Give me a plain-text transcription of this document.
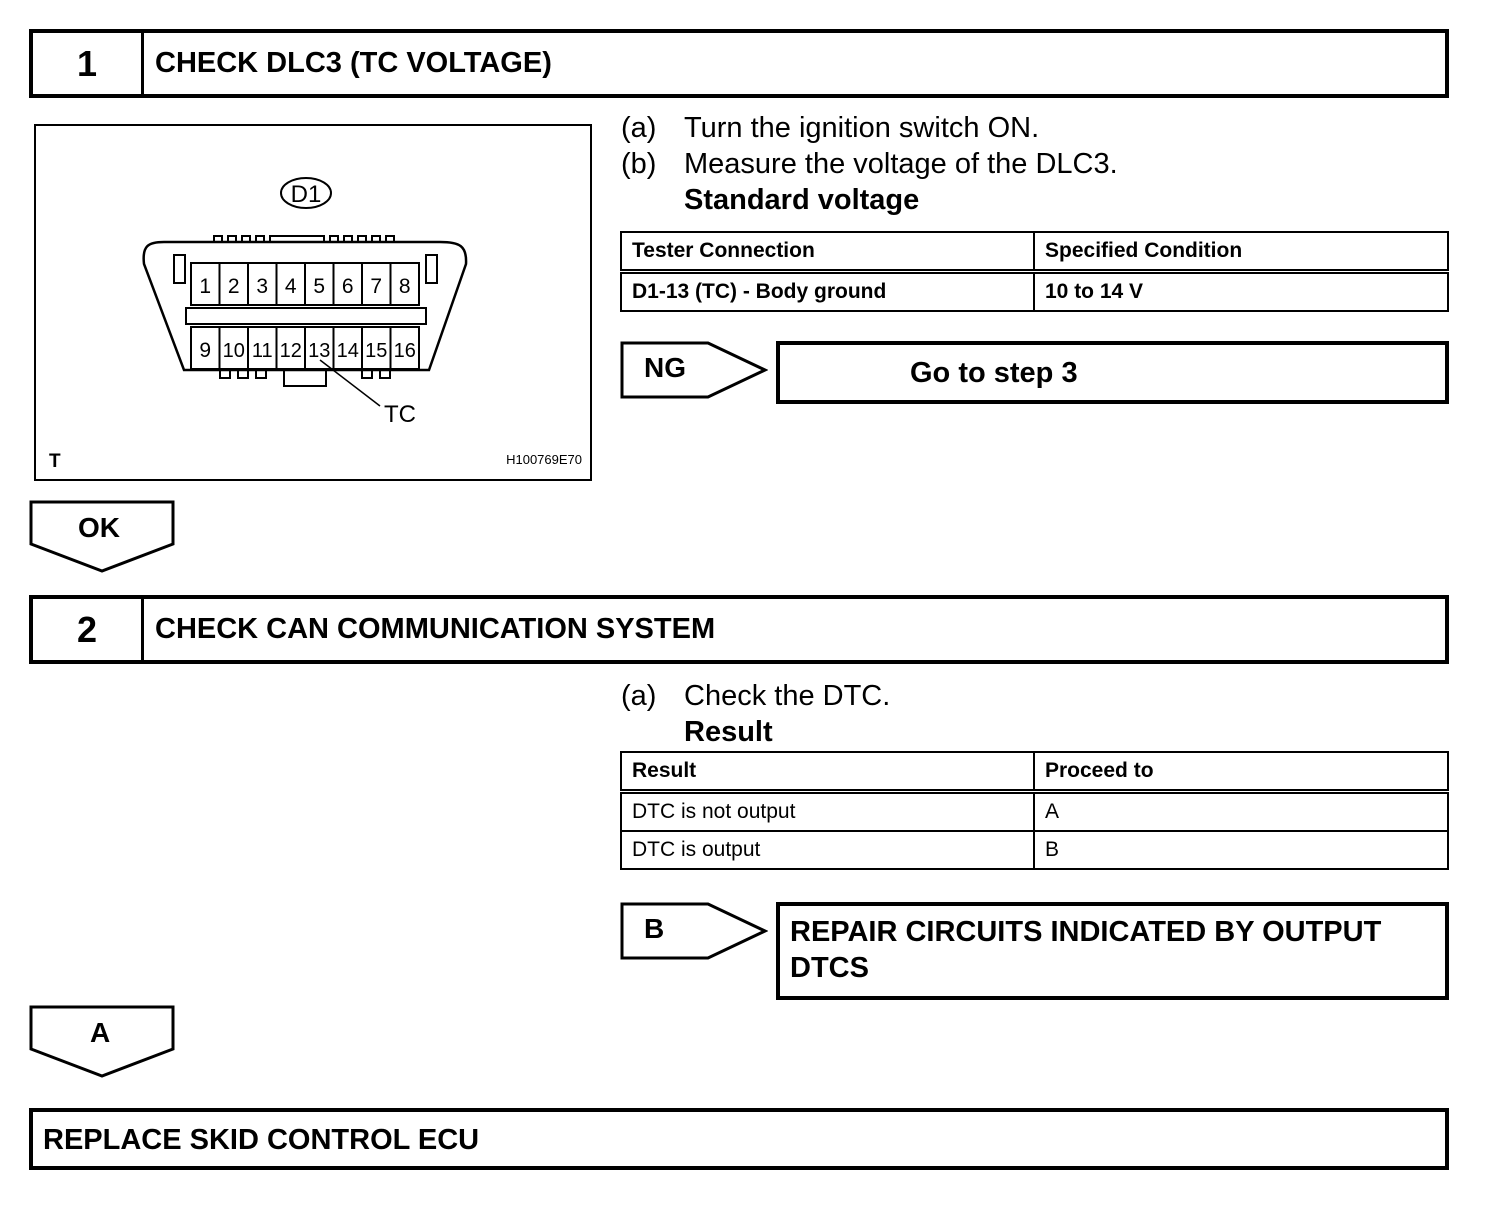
1	CHECK DLC3 (TC VOLTAGE)
D1
1 2 3 4 5 6 7 8
9 10 11 12 13 14 15 16
TC
T	H100769E70
(a) Turn the ignition switch ON.
(b) Measure the voltage of the DLC3.
Standard voltage
Tester Connection	Specified Condition
D1-13 (TC) - Body ground	10 to 14 V
NG	Go to step 3
OK
2	CHECK CAN COMMUNICATION SYSTEM
(a) Check the DTC.
Result
Result	Proceed to
DTC is not output	A
DTC is output	B
B	REPAIR CIRCUITS INDICATED BY OUTPUT
DTCS
A
REPLACE SKID CONTROL ECU
